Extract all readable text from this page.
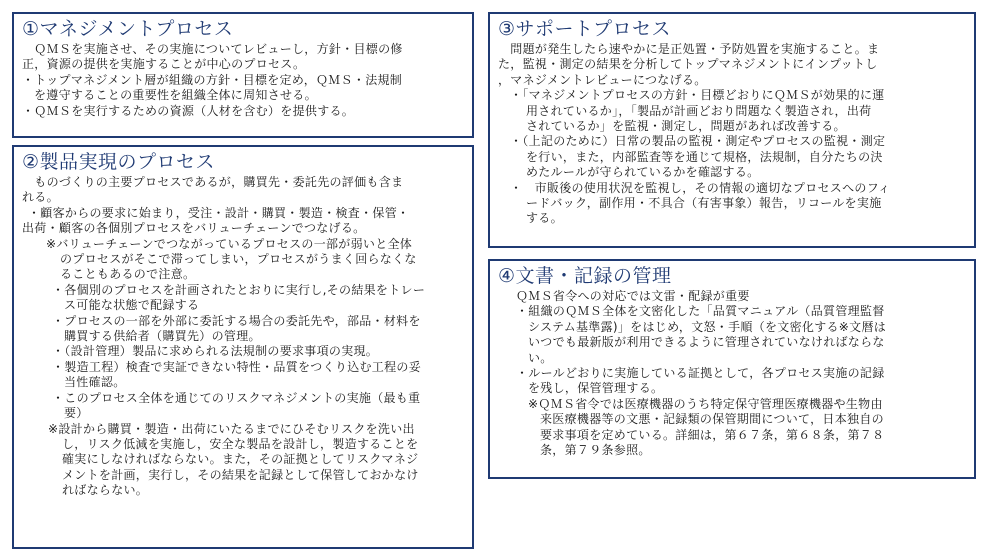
①マネジメントプロセス
　ＱＭＳを実施させ、その実施についてレビューし，方針・目標の修
正，資源の提供を実施することが中心のプロセス。
・トップマネジメント層が組織の方針・目標を定め，ＱＭＳ・法規制
を遵守することの重要性を組織全体に周知させる。
・ＱＭＳを実行するための資源（人材を含む）を提供する。
②製品実現のプロセス
　ものづくりの主要プロセスであるが，購買先・委託先の評価も含ま
れる。
・顧客からの要求に始まり，受注・設計・購買・製造・検査・保管・
出荷・顧客の各個別プロセスをバリューチェーンでつなげる。
※バリューチェーンでつながっているプロセスの一部が弱いと全体
のプロセスがそこで滞ってしまい，プロセスがうまく回らなくな
ることもあるので注意。
・各個別のプロセスを計画されたとおりに実行し,その結果をトレー
ス可能な状態で配録する
・プロセスの一部を外部に委託する場合の委託先や，部品・材料を
購買する供給者（購買先）の管理。
・（設計管理）製品に求められる法規制の要求事項の実現。
・製造工程）検査で実証できない特性・品質をつくり込む工程の妥
当性確認。
・このプロセス全体を通じてのリスクマネジメントの実施（最も重
要）
※設計から購買・製造・出荷にいたるまでにひそむリスクを洗い出
し，リスク低減を実施し，安全な製品を設計し，製造することを
確実にしなければならない。また，その証拠としてリスクマネジ
メントを計画，実行し，その結果を記録として保管しておかなけ
ればならない。
③サポートプロセス
　問題が発生したら速やかに是正処置・予防処置を実施すること。ま
た，監視・測定の結果を分析してトップマネジメントにインプットし
，マネジメントレビューにつなげる。
・「マネジメントプロセスの方針・目標どおりにＱＭＳが効果的に運
用されているか」，「製品が計画どおり問題なく製造され，出荷
されているか」を監視・測定し，問題があれば改善する。
・（上記のために）日常の製品の監視・測定やプロセスの監視・測定
を行い，また，内部監査等を通じて規格，法規制，自分たちの決
めたルールが守られているかを確認する。
・　市販後の使用状況を監視し，その情報の適切なプロセスへのフィ
ードバック，副作用・不具合（有害事象）報告，リコールを実施
する。
④文書・記録の管理
ＱＭＳ省令への対応では文雷・配録が重要
・組織のＱＭＳ全体を文密化した「品質マニュアル（品質管理監督
システム基準露)」をはじめ，文怒・手順（を文密化する※文暦は
いつでも最新版が利用できるように管理されていなければならな
い。
・ルールどおりに実施している証拠として，各プロセス実施の記録
を残し，保管管理する。
※ＱＭＳ省令では医療機器のうち特定保守管理医療機器や生物由
来医療機器等の文悪・記録類の保管期間について，日本独自の
要求事項を定めている。詳細は，第６７条，第６８条，第７８
条，第７９条参照。
